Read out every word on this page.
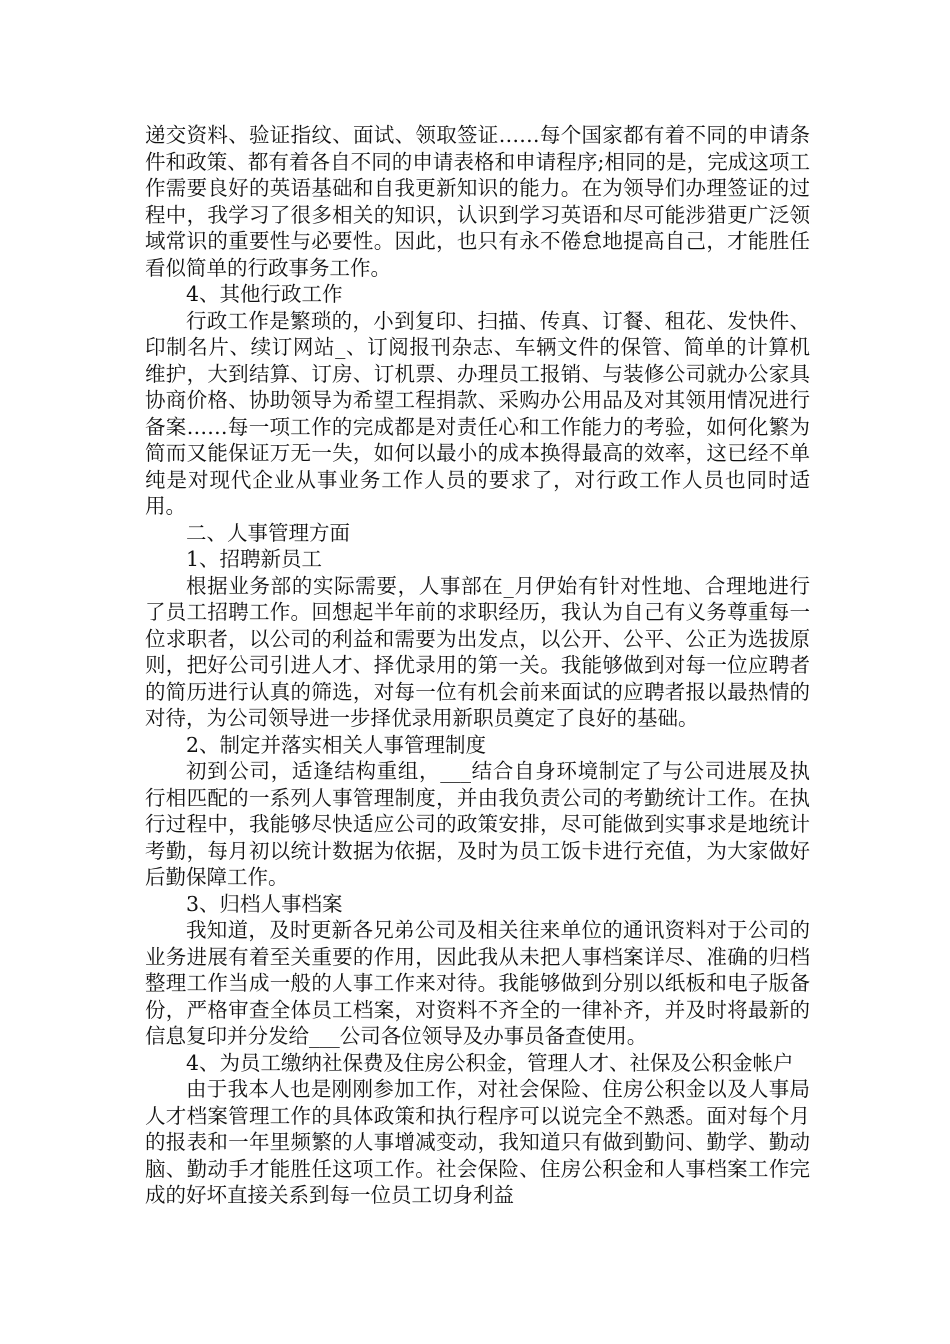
递交资料、验证指纹、面试、领取签证……每个国家都有着不同的申请条件和政策、都有着各自不同的申请表格和申请程序;相同的是，完成这项工作需要良好的英语基础和自我更新知识的能力。在为领导们办理签证的过程中，我学习了很多相关的知识，认识到学习英语和尽可能涉猎更广泛领域常识的重要性与必要性。因此，也只有永不倦怠地提高自己，才能胜任看似简单的行政事务工作。

4、其他行政工作

行政工作是繁琐的，小到复印、扫描、传真、订餐、租花、发快件、印制名片、续订网站_、订阅报刊杂志、车辆文件的保管、简单的计算机维护，大到结算、订房、订机票、办理员工报销、与装修公司就办公家具协商价格、协助领导为希望工程捐款、采购办公用品及对其领用情况进行备案……每一项工作的完成都是对责任心和工作能力的考验，如何化繁为简而又能保证万无一失，如何以最小的成本换得最高的效率，这已经不单纯是对现代企业从事业务工作人员的要求了，对行政工作人员也同时适用。

二、人事管理方面

1、招聘新员工

根据业务部的实际需要，人事部在_月伊始有针对性地、合理地进行了员工招聘工作。回想起半年前的求职经历，我认为自己有义务尊重每一位求职者，以公司的利益和需要为出发点，以公开、公平、公正为选拔原则，把好公司引进人才、择优录用的第一关。我能够做到对每一位应聘者的简历进行认真的筛选，对每一位有机会前来面试的应聘者报以最热情的对待，为公司领导进一步择优录用新职员奠定了良好的基础。

2、制定并落实相关人事管理制度

初到公司，适逢结构重组，___结合自身环境制定了与公司进展及执行相匹配的一系列人事管理制度，并由我负责公司的考勤统计工作。在执行过程中，我能够尽快适应公司的政策安排，尽可能做到实事求是地统计考勤，每月初以统计数据为依据，及时为员工饭卡进行充值，为大家做好后勤保障工作。

3、归档人事档案

我知道，及时更新各兄弟公司及相关往来单位的通讯资料对于公司的业务进展有着至关重要的作用，因此我从未把人事档案详尽、准确的归档整理工作当成一般的人事工作来对待。我能够做到分别以纸板和电子版备份，严格审查全体员工档案，对资料不齐全的一律补齐，并及时将最新的信息复印并分发给___公司各位领导及办事员备查使用。

4、为员工缴纳社保费及住房公积金，管理人才、社保及公积金帐户

由于我本人也是刚刚参加工作，对社会保险、住房公积金以及人事局人才档案管理工作的具体政策和执行程序可以说完全不熟悉。面对每个月的报表和一年里频繁的人事增减变动，我知道只有做到勤问、勤学、勤动脑、勤动手才能胜任这项工作。社会保险、住房公积金和人事档案工作完成的好坏直接关系到每一位员工切身利益
